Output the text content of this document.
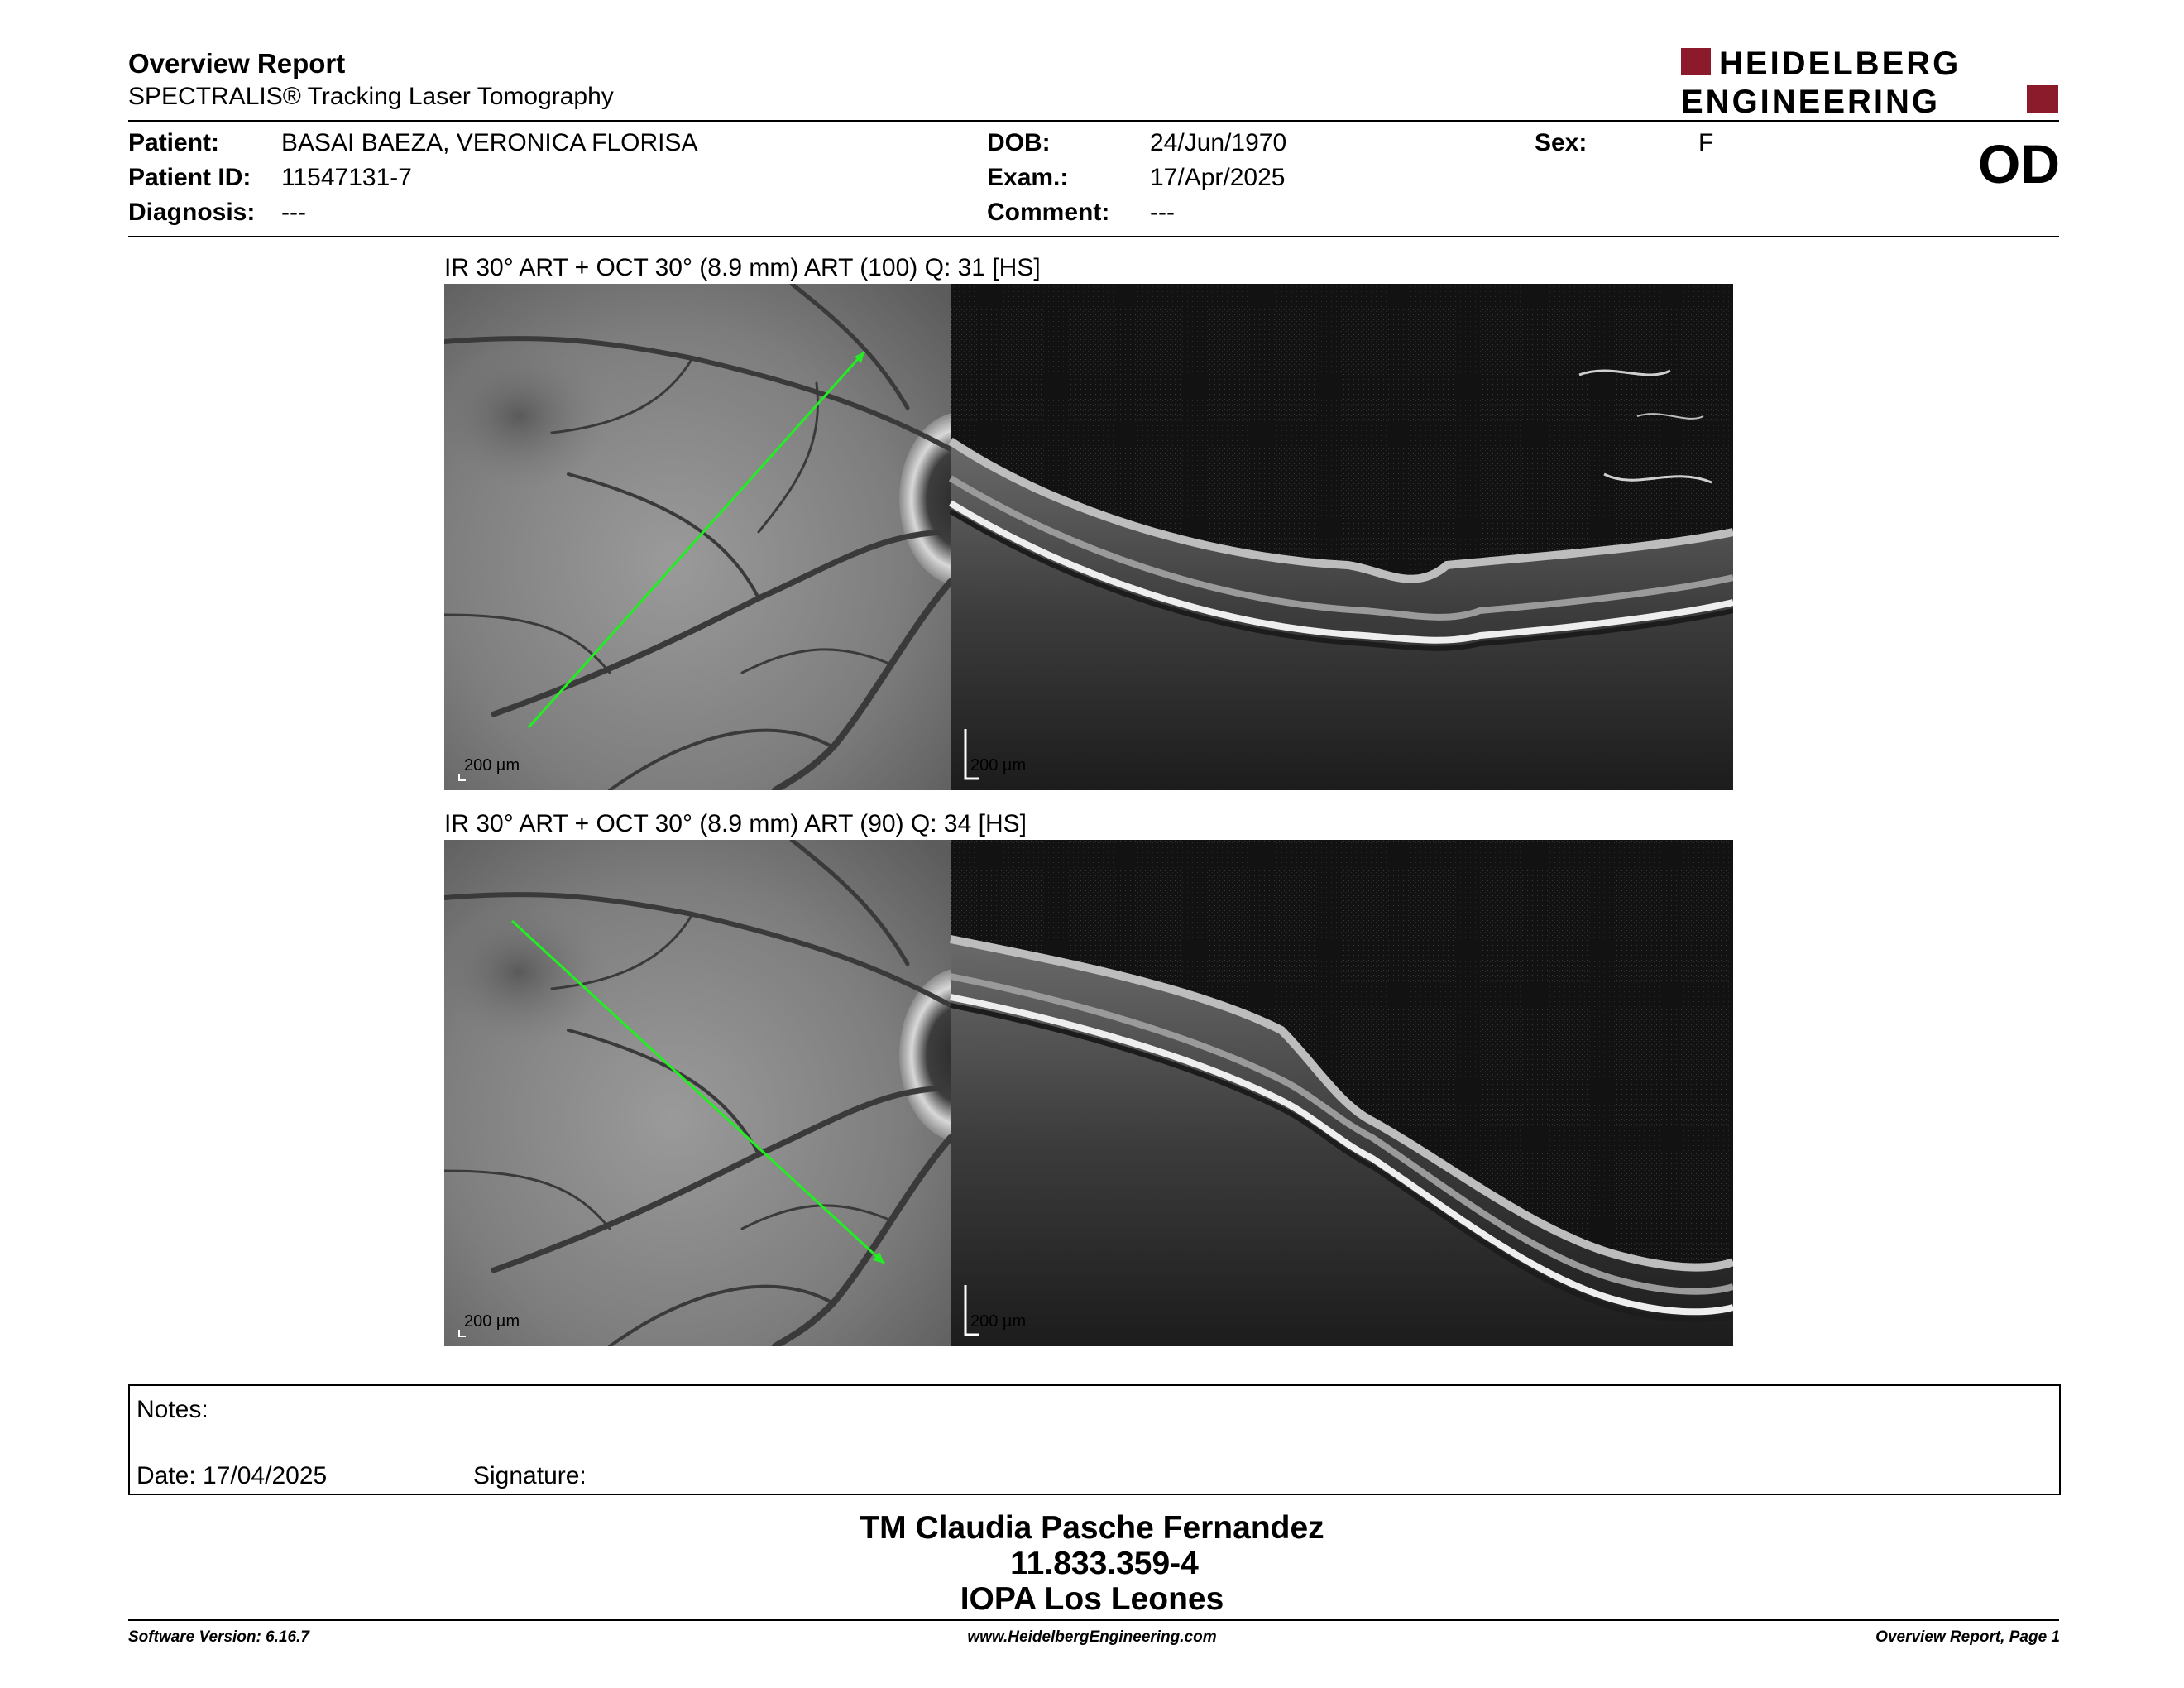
Overview Report
SPECTRALIS® Tracking Laser Tomography
HEIDELBERG
ENGINEERING
Patient: BASAI BAEZA, VERONICA FLORISA
Patient ID: 11547131-7
Diagnosis: ---
DOB:	24/Jun/1970
Exam.:	17/Apr/2025
Comment: ---
Sex:	F	OD
IR 30° ART + OCT 30° (8.9 mm) ART (100) Q: 31 [HS]
200 µm	200 µm
IR 30° ART + OCT 30° (8.9 mm) ART (90) Q: 34 [HS]
200 µm	200 µm
Notes:
Date: 17/04/2025	Signature:
TM Claudia Pasche Fernandez
11.833.359-4
IOPA Los Leones
Software Version: 6.16.7	www.HeidelbergEngineering.com	Overview Report, Page 1
